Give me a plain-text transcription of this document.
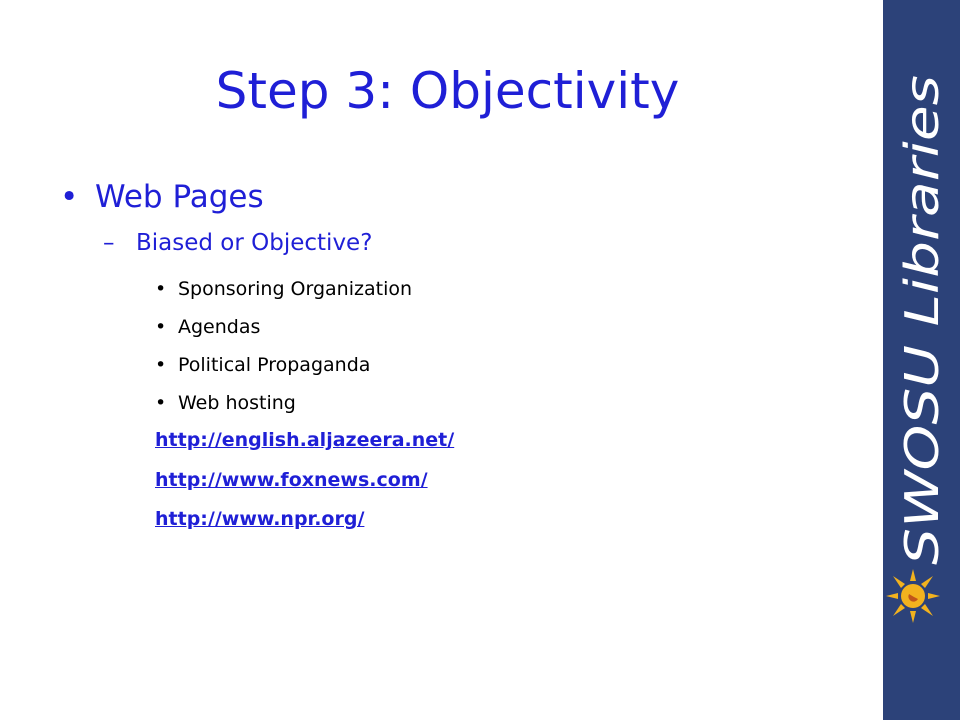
Step 3: Objectivity
• Web Pages
– Biased or Objective?
• Sponsoring Organization
• Agendas
• Political Propaganda
• Web hosting
http://english.aljazeera.net/
http://www.foxnews.com/
http://www.npr.org/	SWOSU Libraries
